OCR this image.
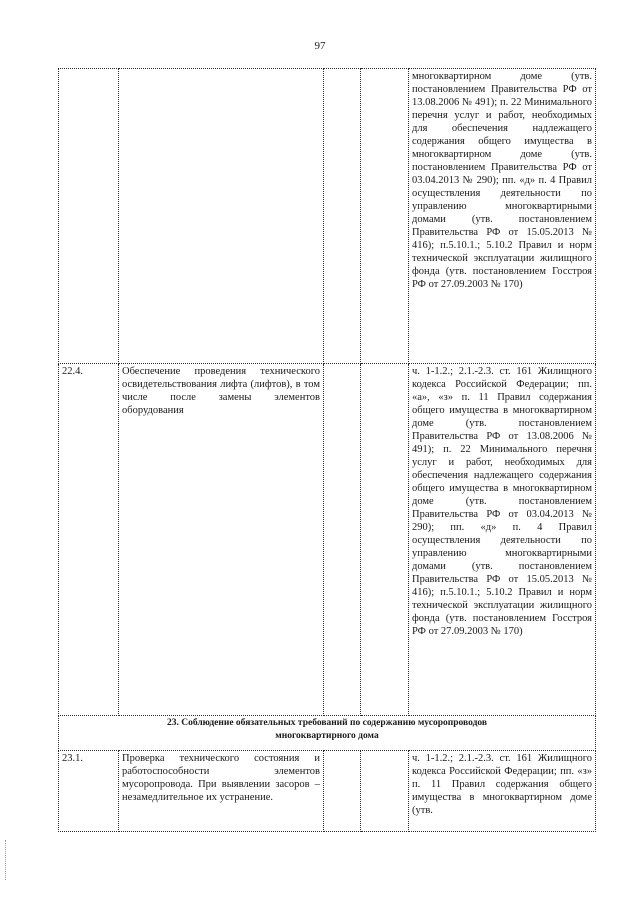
97
				многоквартирном доме (утв. постановлением Правительства РФ от 13.08.2006 № 491); п. 22 Минимального перечня услуг и работ, необходимых для обеспечения надлежащего содержания общего имущества в многоквартирном доме (утв. постановлением Правительства РФ от 03.04.2013 № 290); пп. «д» п. 4 Правил осуществления деятельности по управлению многоквартирными домами (утв. постановлением Правительства РФ от 15.05.2013 № 416); п.5.10.1.; 5.10.2 Правил и норм технической эксплуатации жилищного фонда (утв. постановлением Госстроя РФ от 27.09.2003 № 170)
22.4.	Обеспечение проведения технического освидетельствования лифта (лифтов), в том числе после замены элементов оборудования			ч. 1-1.2.; 2.1.-2.3. ст. 161 Жилищного кодекса Российской Федерации; пп. «а», «з» п. 11 Правил содержания общего имущества в многоквартирном доме (утв. постановлением Правительства РФ от 13.08.2006 № 491); п. 22 Минимального перечня услуг и работ, необходимых для обеспечения надлежащего содержания общего имущества в многоквартирном доме (утв. постановлением Правительства РФ от 03.04.2013 № 290); пп. «д» п. 4 Правил осуществления деятельности по управлению многоквартирными домами (утв. постановлением Правительства РФ от 15.05.2013 № 416); п.5.10.1.; 5.10.2 Правил и норм технической эксплуатации жилищного фонда (утв. постановлением Госстроя РФ от 27.09.2003 № 170)
23. Соблюдение обязательных требований по содержанию мусоропроводов
многоквартирного дома				
23.1.	Проверка технического состояния и работоспособности элементов мусоропровода. При выявлении засоров – незамедлительное их устранение.			ч. 1-1.2.; 2.1.-2.3. ст. 161 Жилищного кодекса Российской Федерации; пп. «з» п. 11 Правил содержания общего имущества в многоквартирном доме (утв.
